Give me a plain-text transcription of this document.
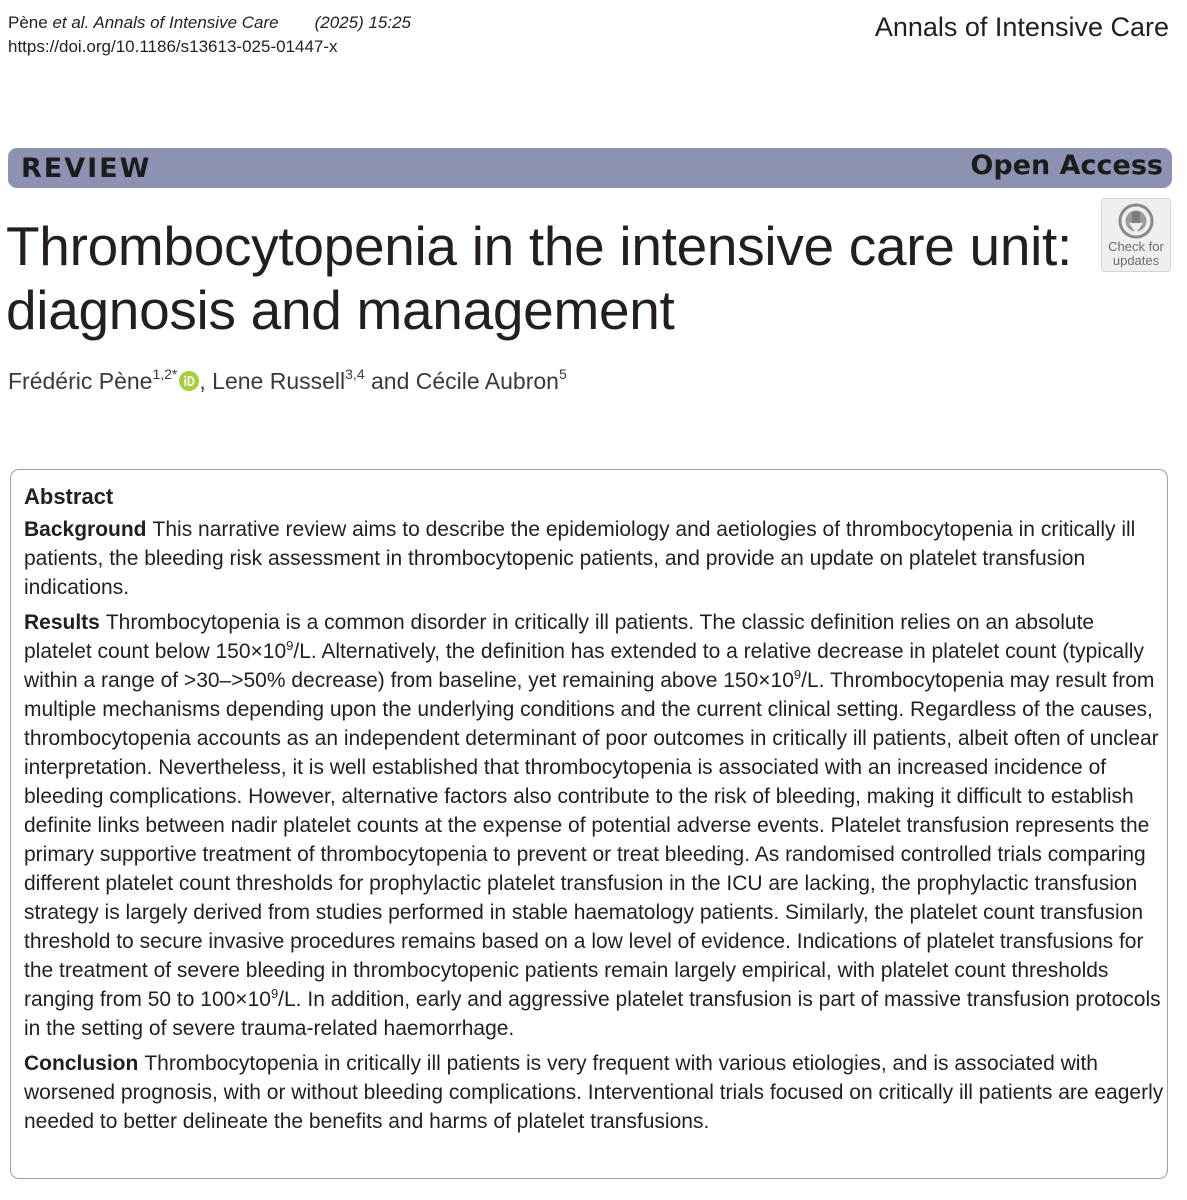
Pène et al. Annals of Intensive Care (2025) 15:25
https://doi.org/10.1186/s13613-025-01447-x
Annals of Intensive Care
REVIEW	Open Access
Thrombocytopenia in the intensive care unit:
diagnosis and management
Check for
updates
Frédéric Pène$^{1,2*}$ , Lene Russell$^{3,4}$ and Cécile Aubron$^5$
Abstract

Background This narrative review aims to describe the epidemiology and aetiologies of thrombocytopenia in critically ill patients, the bleeding risk assessment in thrombocytopenic patients, and provide an update on platelet transfusion indications.

Results Thrombocytopenia is a common disorder in critically ill patients. The classic definition relies on an absolute platelet count below $150\times 10^9/L$. Alternatively, the definition has extended to a relative decrease in platelet count (typically within a range of >30–>50% decrease) from baseline, yet remaining above $150\times 10^9/L$. Thrombocytopenia may result from multiple mechanisms depending upon the underlying conditions and the current clinical setting. Regardless of the causes, thrombocytopenia accounts as an independent determinant of poor outcomes in critically ill patients, albeit often of unclear interpretation. Nevertheless, it is well established that thrombocytopenia is associated with an increased incidence of bleeding complications. However, alternative factors also contribute to the risk of bleeding, making it difficult to establish definite links between nadir platelet counts at the expense of potential adverse events. Platelet transfusion represents the primary supportive treatment of thrombocytopenia to prevent or treat bleeding. As randomised controlled trials comparing different platelet count thresholds for prophylactic platelet transfusion in the ICU are lacking, the prophylactic transfusion strategy is largely derived from studies performed in stable haematology patients. Similarly, the platelet count transfusion threshold to secure invasive procedures remains based on a low level of evidence. Indications of platelet transfusions for the treatment of severe bleeding in thrombocytopenic patients remain largely empirical, with platelet count thresholds ranging from 50 to $100\times 10^9/L$. In addition, early and aggressive platelet transfusion is part of massive transfusion protocols in the setting of severe trauma-related haemorrhage.

Conclusion Thrombocytopenia in critically ill patients is very frequent with various etiologies, and is associated with worsened prognosis, with or without bleeding complications. Interventional trials focused on critically ill patients are eagerly needed to better delineate the benefits and harms of platelet transfusions.
